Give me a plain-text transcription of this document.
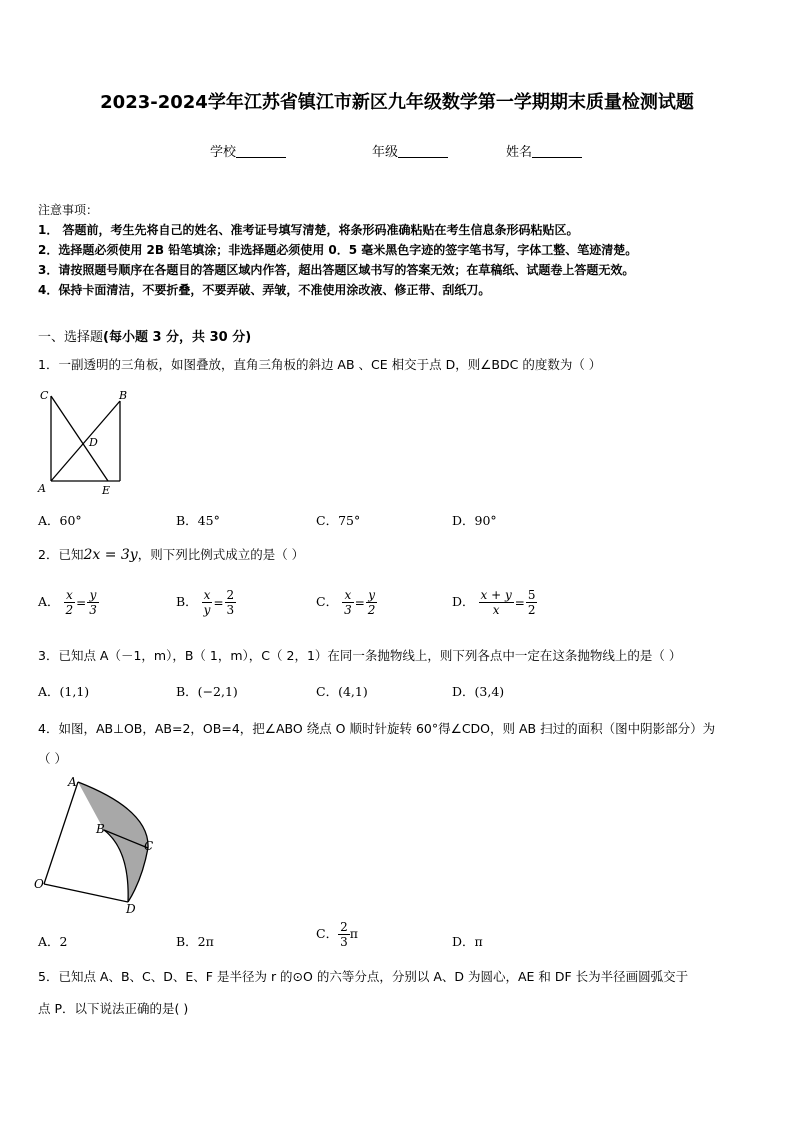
2023-2024学年江苏省镇江市新区九年级数学第一学期期末质量检测试题
学校	年级	姓名
注意事项：
1． 答题前，考生先将自己的姓名、准考证号填写清楚，将条形码准确粘贴在考生信息条形码粘贴区。
2．选择题必须使用 2B 铅笔填涂；非选择题必须使用 0．5 毫米黑色字迹的签字笔书写，字体工整、笔迹清楚。
3．请按照题号顺序在各题目的答题区域内作答，超出答题区域书写的答案无效；在草稿纸、试题卷上答题无效。
4．保持卡面清洁，不要折叠，不要弄破、弄皱，不准使用涂改液、修正带、刮纸刀。
一、选择题(每小题 3 分，共 30 分)
1．一副透明的三角板，如图叠放，直角三角板的斜边 AB 、CE 相交于点 D，则∠BDC 的度数为（ ）
C	B
D
A	E
A．60°	B．45°	C．75°	D．90°
2．已知2x = 3y，则下列比例式成立的是（ ）
A． $\frac{x}{2} = \frac{y}{3}$	B． $\frac{x}{y} = \frac{2}{3}$	C． $\frac{x}{3} = \frac{y}{2}$	D． $\frac{x + y}{x} = \frac{5}{2}$
3．已知点 A（－1，m），B（ 1，m），C（ 2，1）在同一条抛物线上，则下列各点中一定在这条抛物线上的是（ ）
A．(1,1)	B．(−2,1)	C．(4,1)	D．(3,4)
4．如图，AB⊥OB，AB=2，OB=4，把∠ABO 绕点 O 顺时针旋转 60°得∠CDO，则 AB 扫过的面积（图中阴影部分）为
（ ）
A
B
C
O
D
A．2	B．2π
C． $\frac{2}{3}$ π
D．π
5．已知点 A、B、C、D、E、F 是半径为 r 的⊙O 的六等分点，分别以 A、D 为圆心，AE 和 DF 长为半径画圆弧交于
点 P．以下说法正确的是( )
